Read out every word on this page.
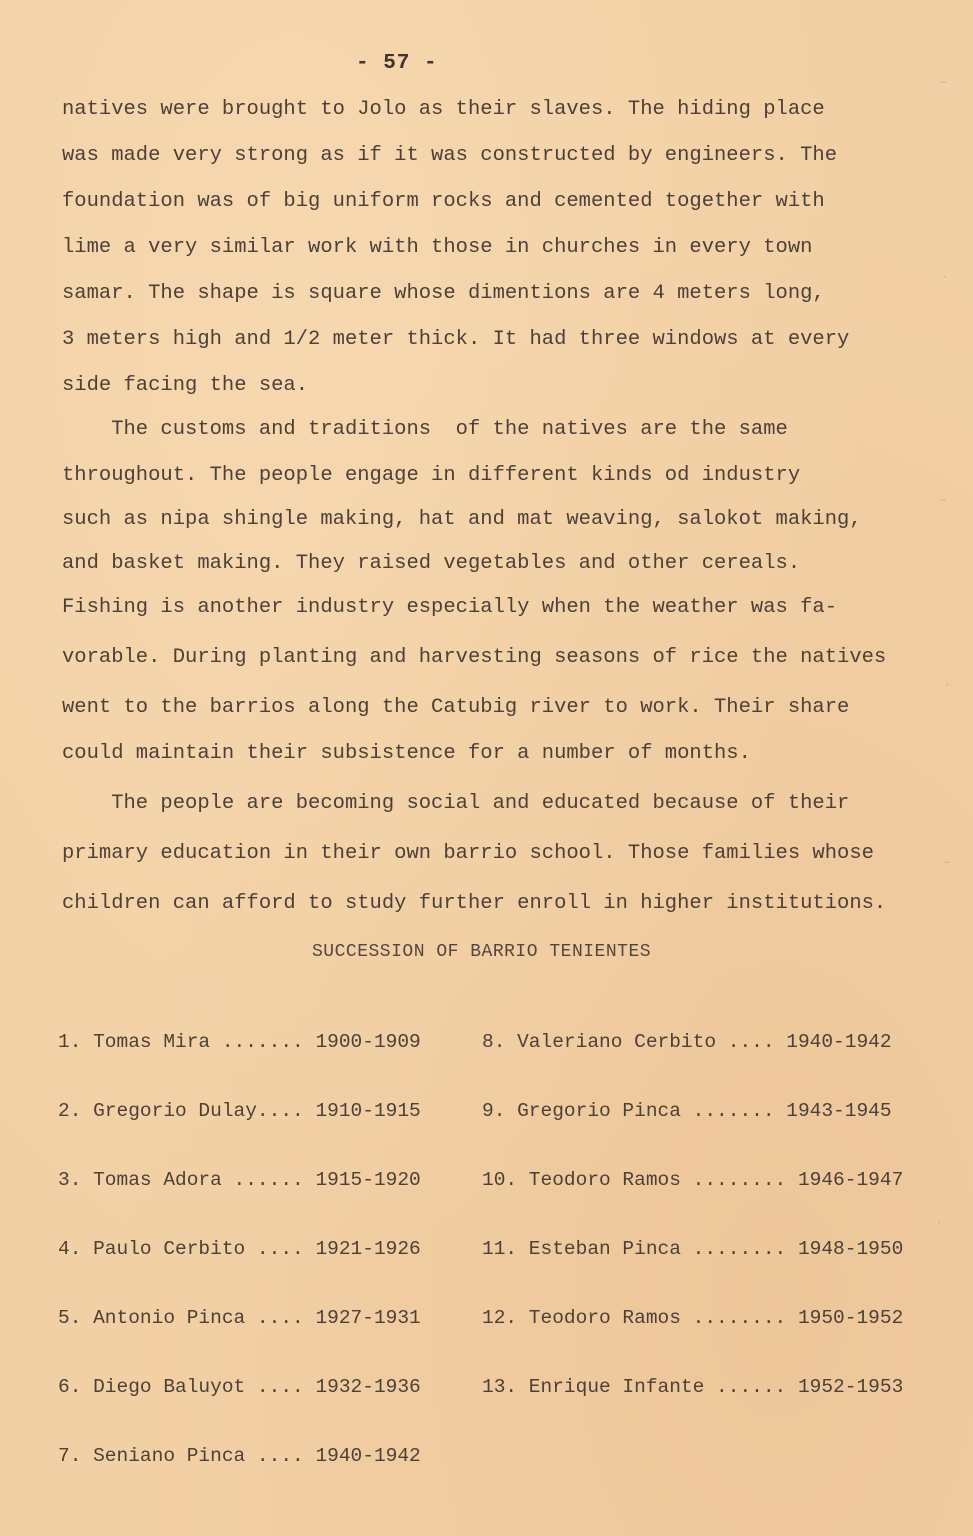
- 57 -
natives were brought to Jolo as their slaves. The hiding place
was made very strong as if it was constructed by engineers. The
foundation was of big uniform rocks and cemented together with
lime a very similar work with those in churches in every town
samar. The shape is square whose dimentions are 4 meters long,
3 meters high and 1/2 meter thick. It had three windows at every
side facing the sea.
The customs and traditions  of the natives are the same
throughout. The people engage in different kinds od industry
such as nipa shingle making, hat and mat weaving, salokot making,
and basket making. They raised vegetables and other cereals.
Fishing is another industry especially when the weather was fa-
vorable. During planting and harvesting seasons of rice the natives
went to the barrios along the Catubig river to work. Their share
could maintain their subsistence for a number of months.
The people are becoming social and educated because of their
primary education in their own barrio school. Those families whose
children can afford to study further enroll in higher institutions.
SUCCESSION OF BARRIO TENIENTES

1. Tomas Mira ....... 1900-1909

2. Gregorio Dulay.... 1910-1915

3. Tomas Adora ...... 1915-1920

4. Paulo Cerbito .... 1921-1926

5. Antonio Pinca .... 1927-1931

6. Diego Baluyot .... 1932-1936

7. Seniano Pinca .... 1940-1942

8. Valeriano Cerbito .... 1940-1942

9. Gregorio Pinca ....... 1943-1945

10. Teodoro Ramos ........ 1946-1947

11. Esteban Pinca ........ 1948-1950

12. Teodoro Ramos ........ 1950-1952

13. Enrique Infante ...... 1952-1953

~
·
~
·
~
·
